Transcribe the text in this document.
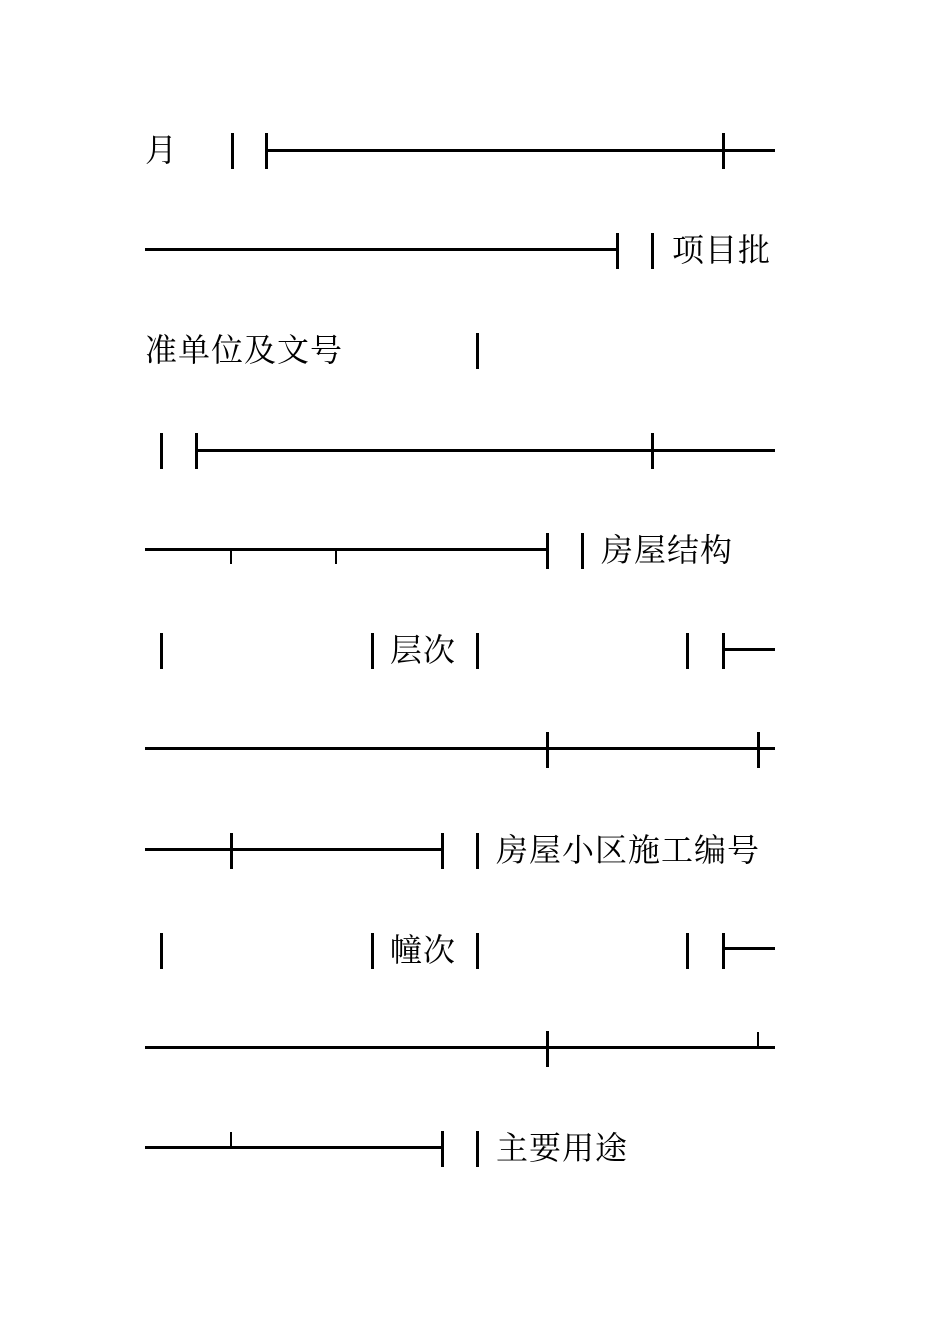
月
项目批
准单位及文号
房屋结构
层次
房屋小区施工编号
幢次
主要用途
